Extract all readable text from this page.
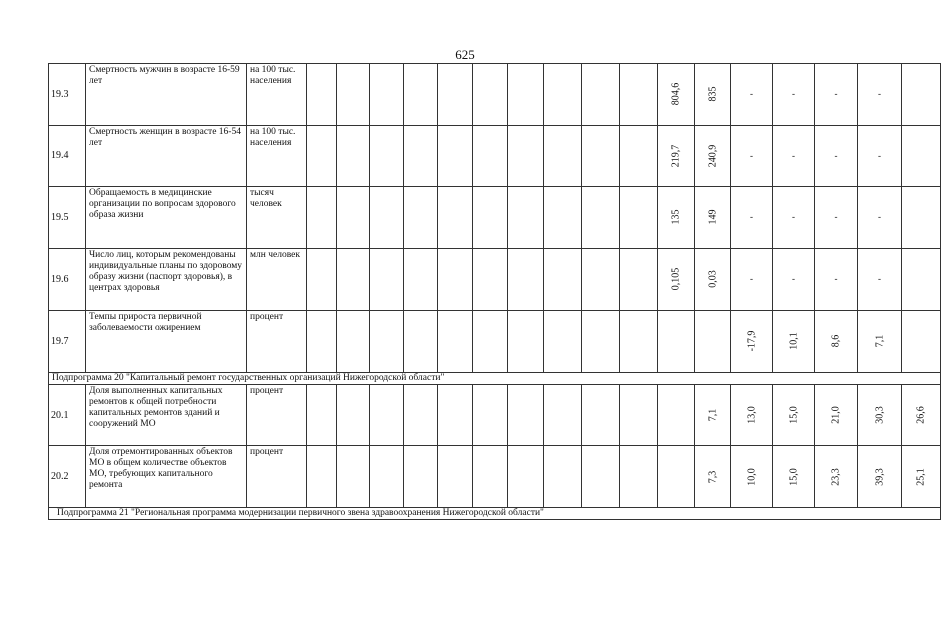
625
19.3	Смертность мужчин в возрасте 16-59 лет	на 100 тыс. населения											804,6	835	-	-	-	-	

19.4	Смертность женщин в возрасте 16-54 лет	на 100 тыс. населения											219,7	240,9	-	-	-	-	

19.5	Обращаемость в медицинские организации по вопросам здорового образа жизни	тысяч человек											135	149	-	-	-	-	

19.6	Число лиц, которым рекомендованы индивидуальные планы по здоровому образу жизни (паспорт здоровья), в центрах здоровья	млн человек											0,105	0,03	-	-	-	-	

19.7	Темпы прироста первичной заболеваемости ожирением	процент													-17,9	10,1	8,6	7,1	

Подпрограмма 20 "Капитальный ремонт государственных организаций Нижегородской области"																			
20.1	Доля выполненных капитальных ремонтов к общей потребности капитальных ремонтов зданий и сооружений МО	процент												7,1	13,0	15,0	21,0	30,3	26,6

20.2	Доля отремонтированных объектов МО в общем количестве объектов МО, требующих капитального ремонта	процент												7,3	10,0	15,0	23,3	39,3	25,1

Подпрограмма 21 "Региональная программа модернизации первичного звена здравоохранения Нижегородской области"																			
